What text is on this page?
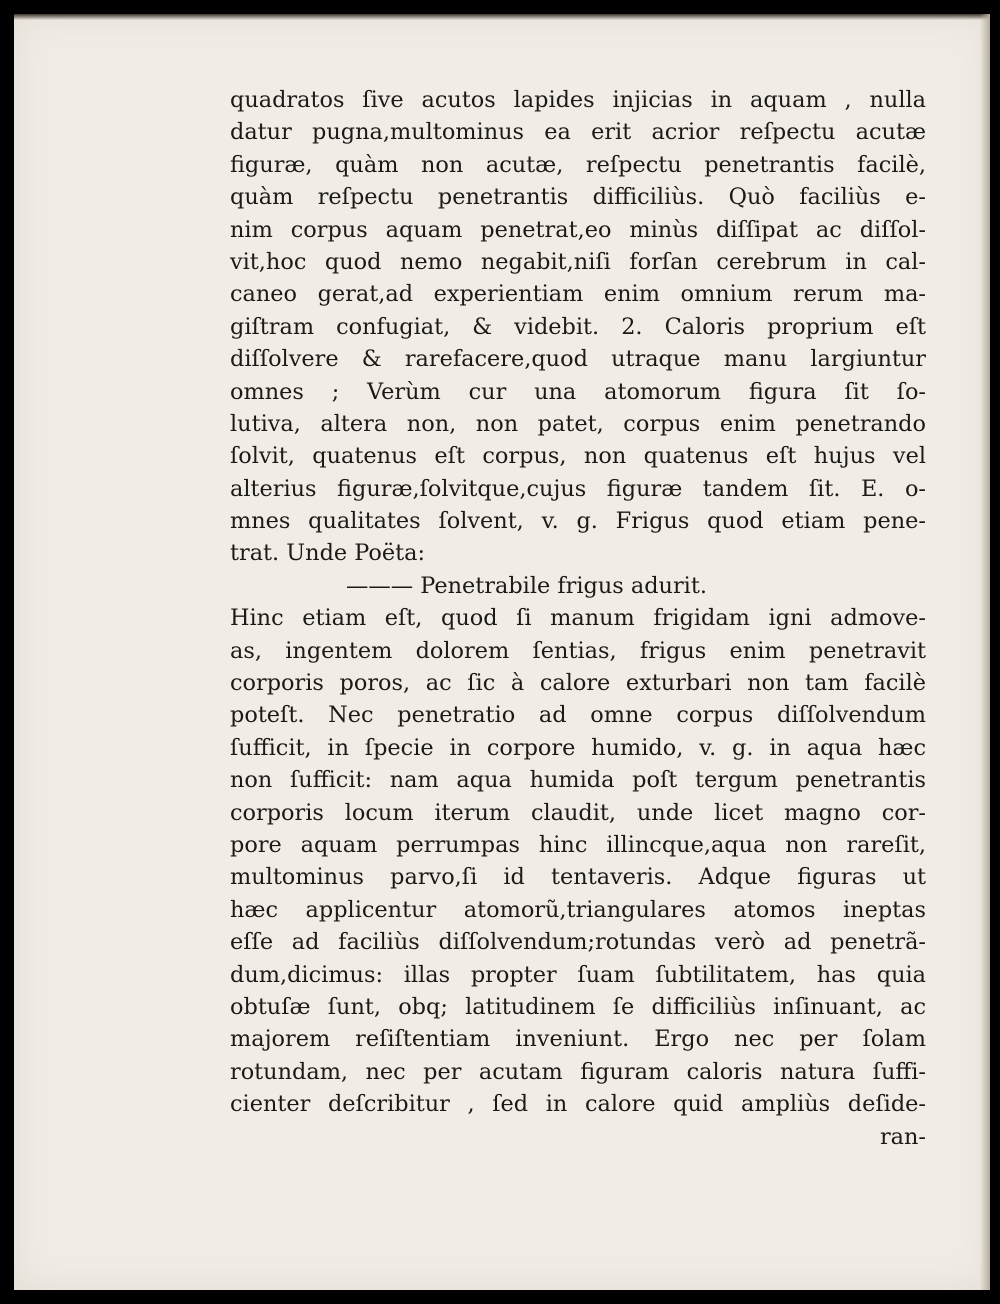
quadratos ſive acutos lapides injicias in aquam , nulla
datur pugna,multominus ea erit acrior reſpectu acutæ
figuræ, quàm non acutæ, reſpectu penetrantis facilè,
quàm reſpectu penetrantis difficiliùs. Quò faciliùs e-
nim corpus aquam penetrat,eo minùs diſſipat ac diſſol-
vit,hoc quod nemo negabit,niſi forſan cerebrum in cal-
caneo gerat,ad experientiam enim omnium rerum ma-
giſtram confugiat, & videbit. 2. Caloris proprium eſt
diſſolvere & rarefacere,quod utraque manu largiuntur
omnes ; Verùm cur una atomorum figura ſit ſo-
lutiva, altera non, non patet, corpus enim penetrando
ſolvit, quatenus eſt corpus, non quatenus eſt hujus vel
alterius figuræ,ſolvitque,cujus figuræ tandem ſit. E. o-
mnes qualitates ſolvent, v. g. Frigus quod etiam pene-
trat. Unde Poëta:
——— Penetrabile frigus adurit.
Hinc etiam eſt, quod ſi manum frigidam igni admove-
as, ingentem dolorem ſentias, frigus enim penetravit
corporis poros, ac ſic à calore exturbari non tam facilè
poteſt. Nec penetratio ad omne corpus diſſolvendum
ſufficit, in ſpecie in corpore humido, v. g. in aqua hæc
non ſufficit: nam aqua humida poſt tergum penetrantis
corporis locum iterum claudit, unde licet magno cor-
pore aquam perrumpas hinc illincque,aqua non rareſit,
multominus parvo,ſi id tentaveris. Adque figuras ut
hæc applicentur atomorũ,triangulares atomos ineptas
eſſe ad faciliùs diſſolvendum;rotundas verò ad penetrã-
dum,dicimus: illas propter ſuam ſubtilitatem, has quia
obtuſæ ſunt, obq; latitudinem ſe difficiliùs inſinuant, ac
majorem reſiſtentiam inveniunt. Ergo nec per ſolam
rotundam, nec per acutam figuram caloris natura ſuffi-
cienter deſcribitur , ſed in calore quid ampliùs deſide-
ran-
